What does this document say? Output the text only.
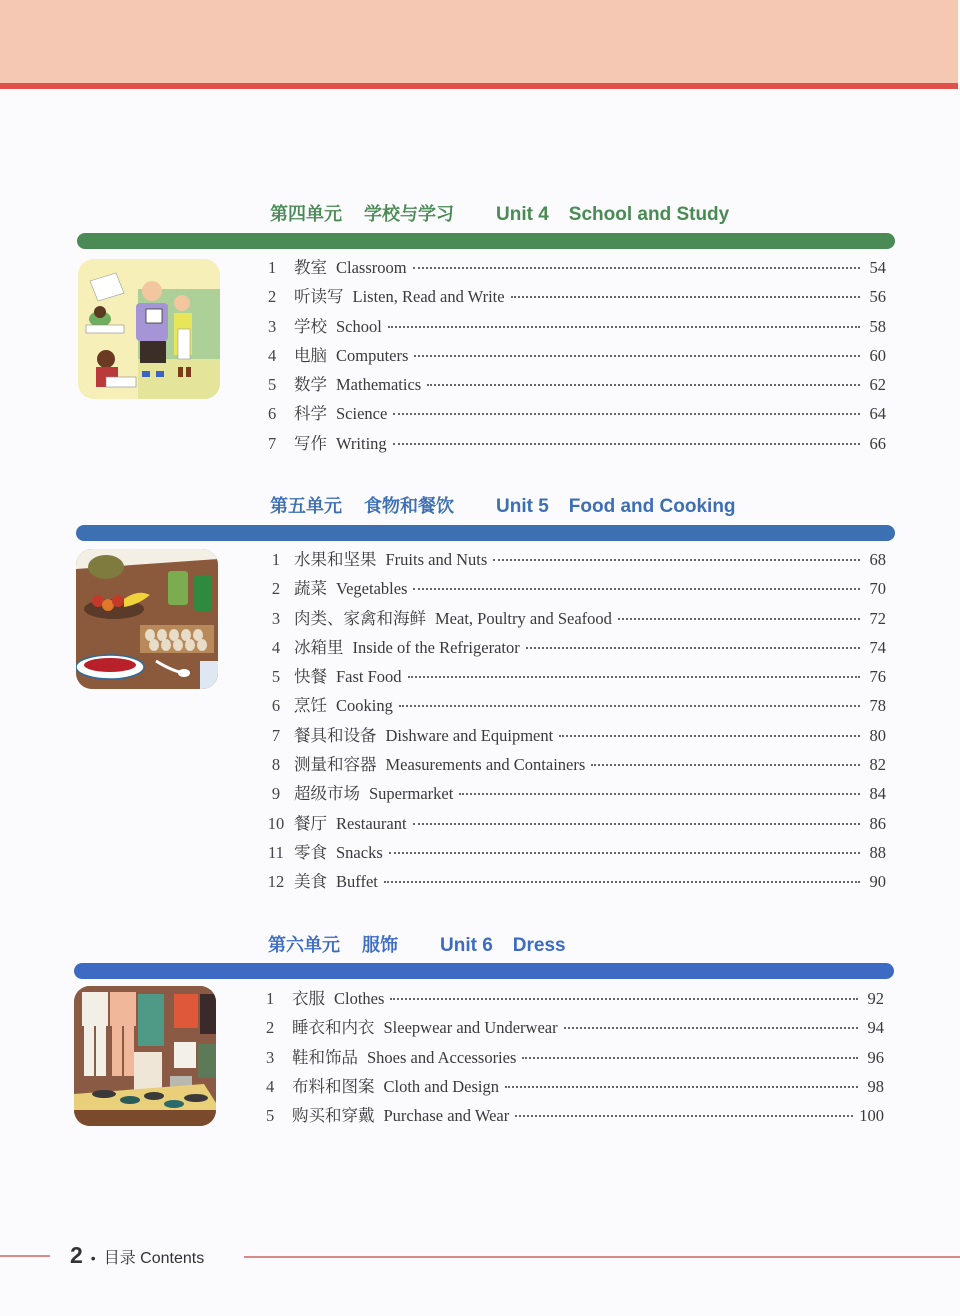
第四单元 学校与学习 Unit 4 School and Study
1	教室 Classroom	54
2	听读写 Listen, Read and Write	56
3	学校 School	58
4	电脑 Computers	60
5	数学 Mathematics	62
6	科学 Science	64
7	写作 Writing	66
第五单元 食物和餐饮 Unit 5 Food and Cooking
1 水果和坚果 Fruits and Nuts	68
2 蔬菜 Vegetables	70
3 肉类、家禽和海鲜 Meat, Poultry and Seafood	72
4 冰箱里 Inside of the Refrigerator	74
5 快餐 Fast Food	76
6 烹饪 Cooking	78
7 餐具和设备 Dishware and Equipment	80
8 测量和容器 Measurements and Containers	82
9 超级市场 Supermarket	84
10 餐厅 Restaurant	86
11 零食 Snacks	88
12 美食 Buffet	90
第六单元 服饰 Unit 6 Dress
1	衣服 Clothes	92
2	睡衣和内衣 Sleepwear and Underwear	94
3	鞋和饰品 Shoes and Accessories	96
4	布料和图案 Cloth and Design	98
5	购买和穿戴 Purchase and Wear	100
2 • 目录 Contents
